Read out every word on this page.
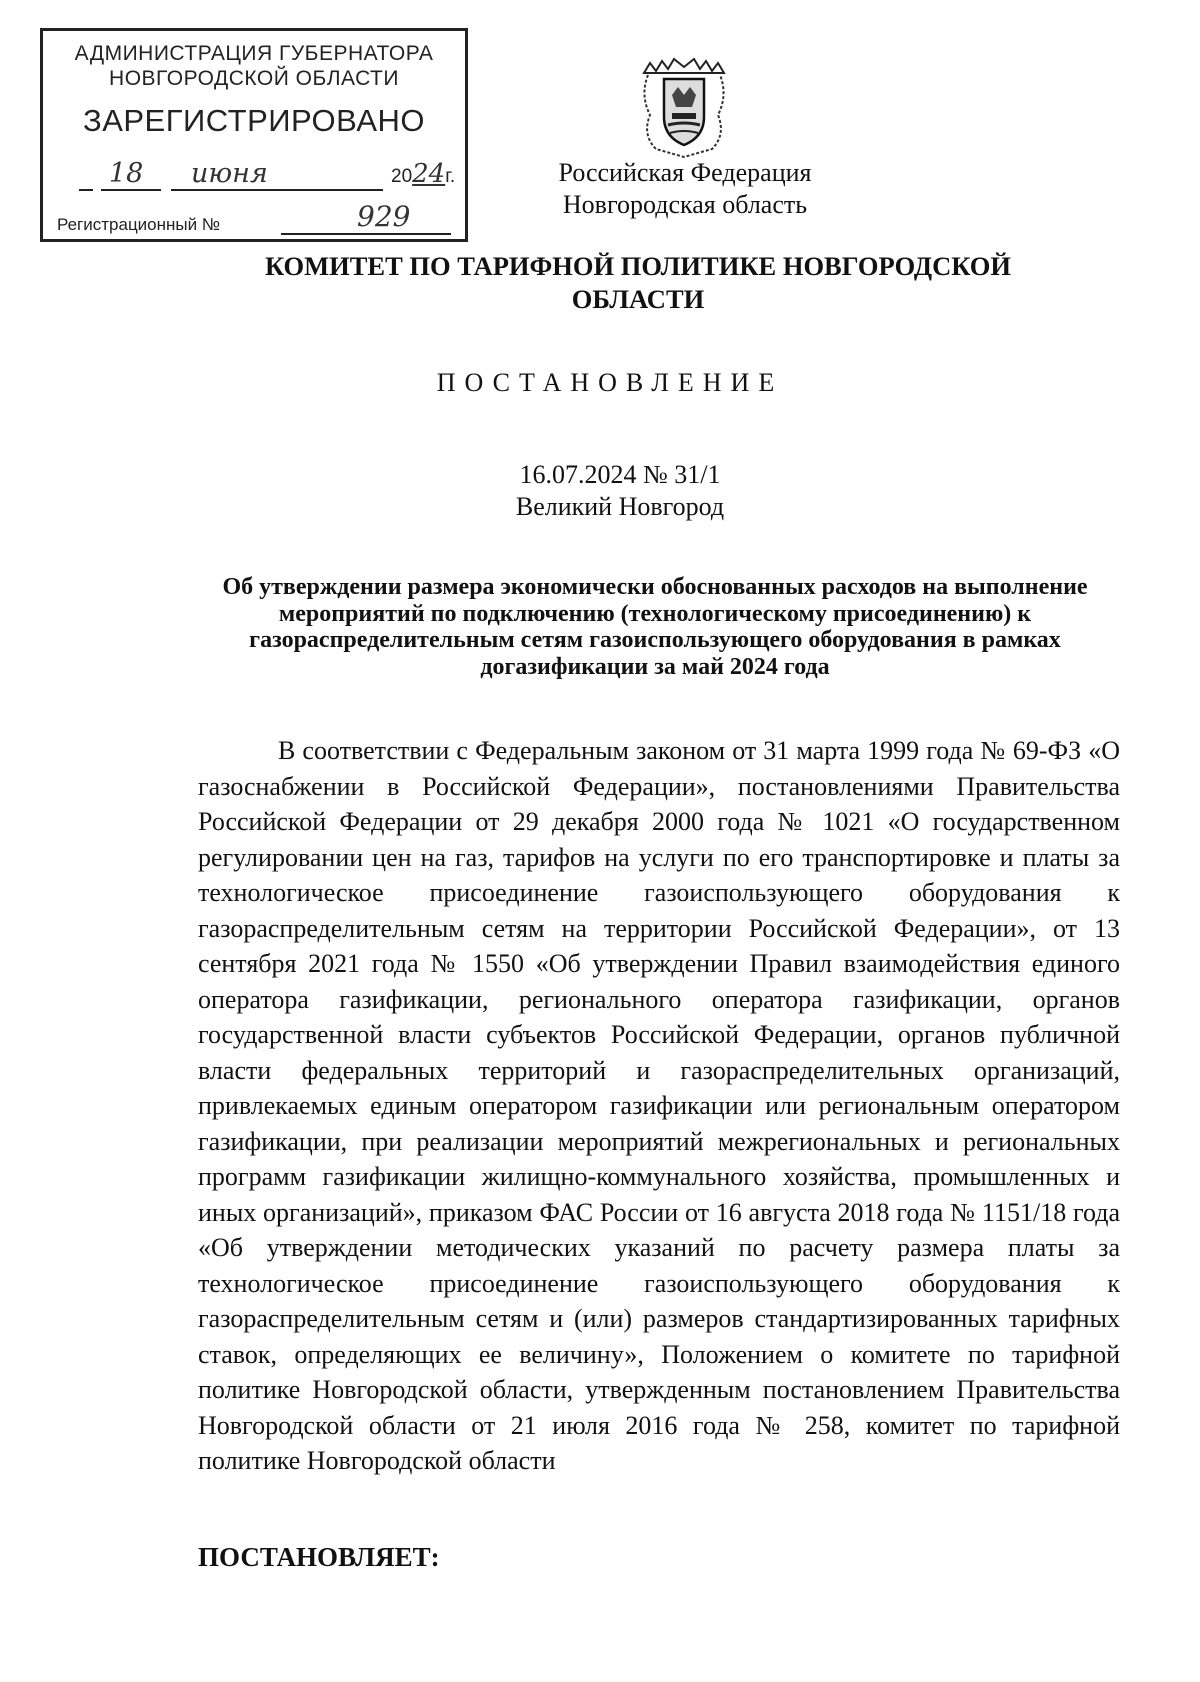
АДМИНИСТРАЦИЯ ГУБЕРНАТОРА
НОВГОРОДСКОЙ ОБЛАСТИ
ЗАРЕГИСТРИРОВАНО
18 июня	2024г.
Регистрационный №	929
Российская Федерация
Новгородская область
КОМИТЕТ ПО ТАРИФНОЙ ПОЛИТИКЕ НОВГОРОДСКОЙ ОБЛАСТИ
ПОСТАНОВЛЕНИЕ
16.07.2024 № 31/1
Великий Новгород
Об утверждении размера экономически обоснованных расходов на выполнение мероприятий по подключению (технологическому присоединению) к газораспределительным сетям газоиспользующего оборудования в рамках догазификации за май 2024 года
В соответствии с Федеральным законом от 31 марта 1999 года № 69-ФЗ «О газоснабжении в Российской Федерации», постановлениями Правительства Российской Федерации от 29 декабря 2000 года № 1021 «О государственном регулировании цен на газ, тарифов на услуги по его транспортировке и платы за технологическое присоединение газоиспользующего оборудования к газораспределительным сетям на территории Российской Федерации», от 13 сентября 2021 года № 1550 «Об утверждении Правил взаимодействия единого оператора газификации, регионального оператора газификации, органов государственной власти субъектов Российской Федерации, органов публичной власти федеральных территорий и газораспределительных организаций, привлекаемых единым оператором газификации или региональным оператором газификации, при реализации мероприятий межрегиональных и региональных программ газификации жилищно-коммунального хозяйства, промышленных и иных организаций», приказом ФАС России от 16 августа 2018 года № 1151/18 года «Об утверждении методических указаний по расчету размера платы за технологическое присоединение газоиспользующего оборудования к газораспределительным сетям и (или) размеров стандартизированных тарифных ставок, определяющих ее величину», Положением о комитете по тарифной политике Новгородской области, утвержденным постановлением Правительства Новгородской области от 21 июля 2016 года № 258, комитет по тарифной политике Новгородской области
ПОСТАНОВЛЯЕТ:
